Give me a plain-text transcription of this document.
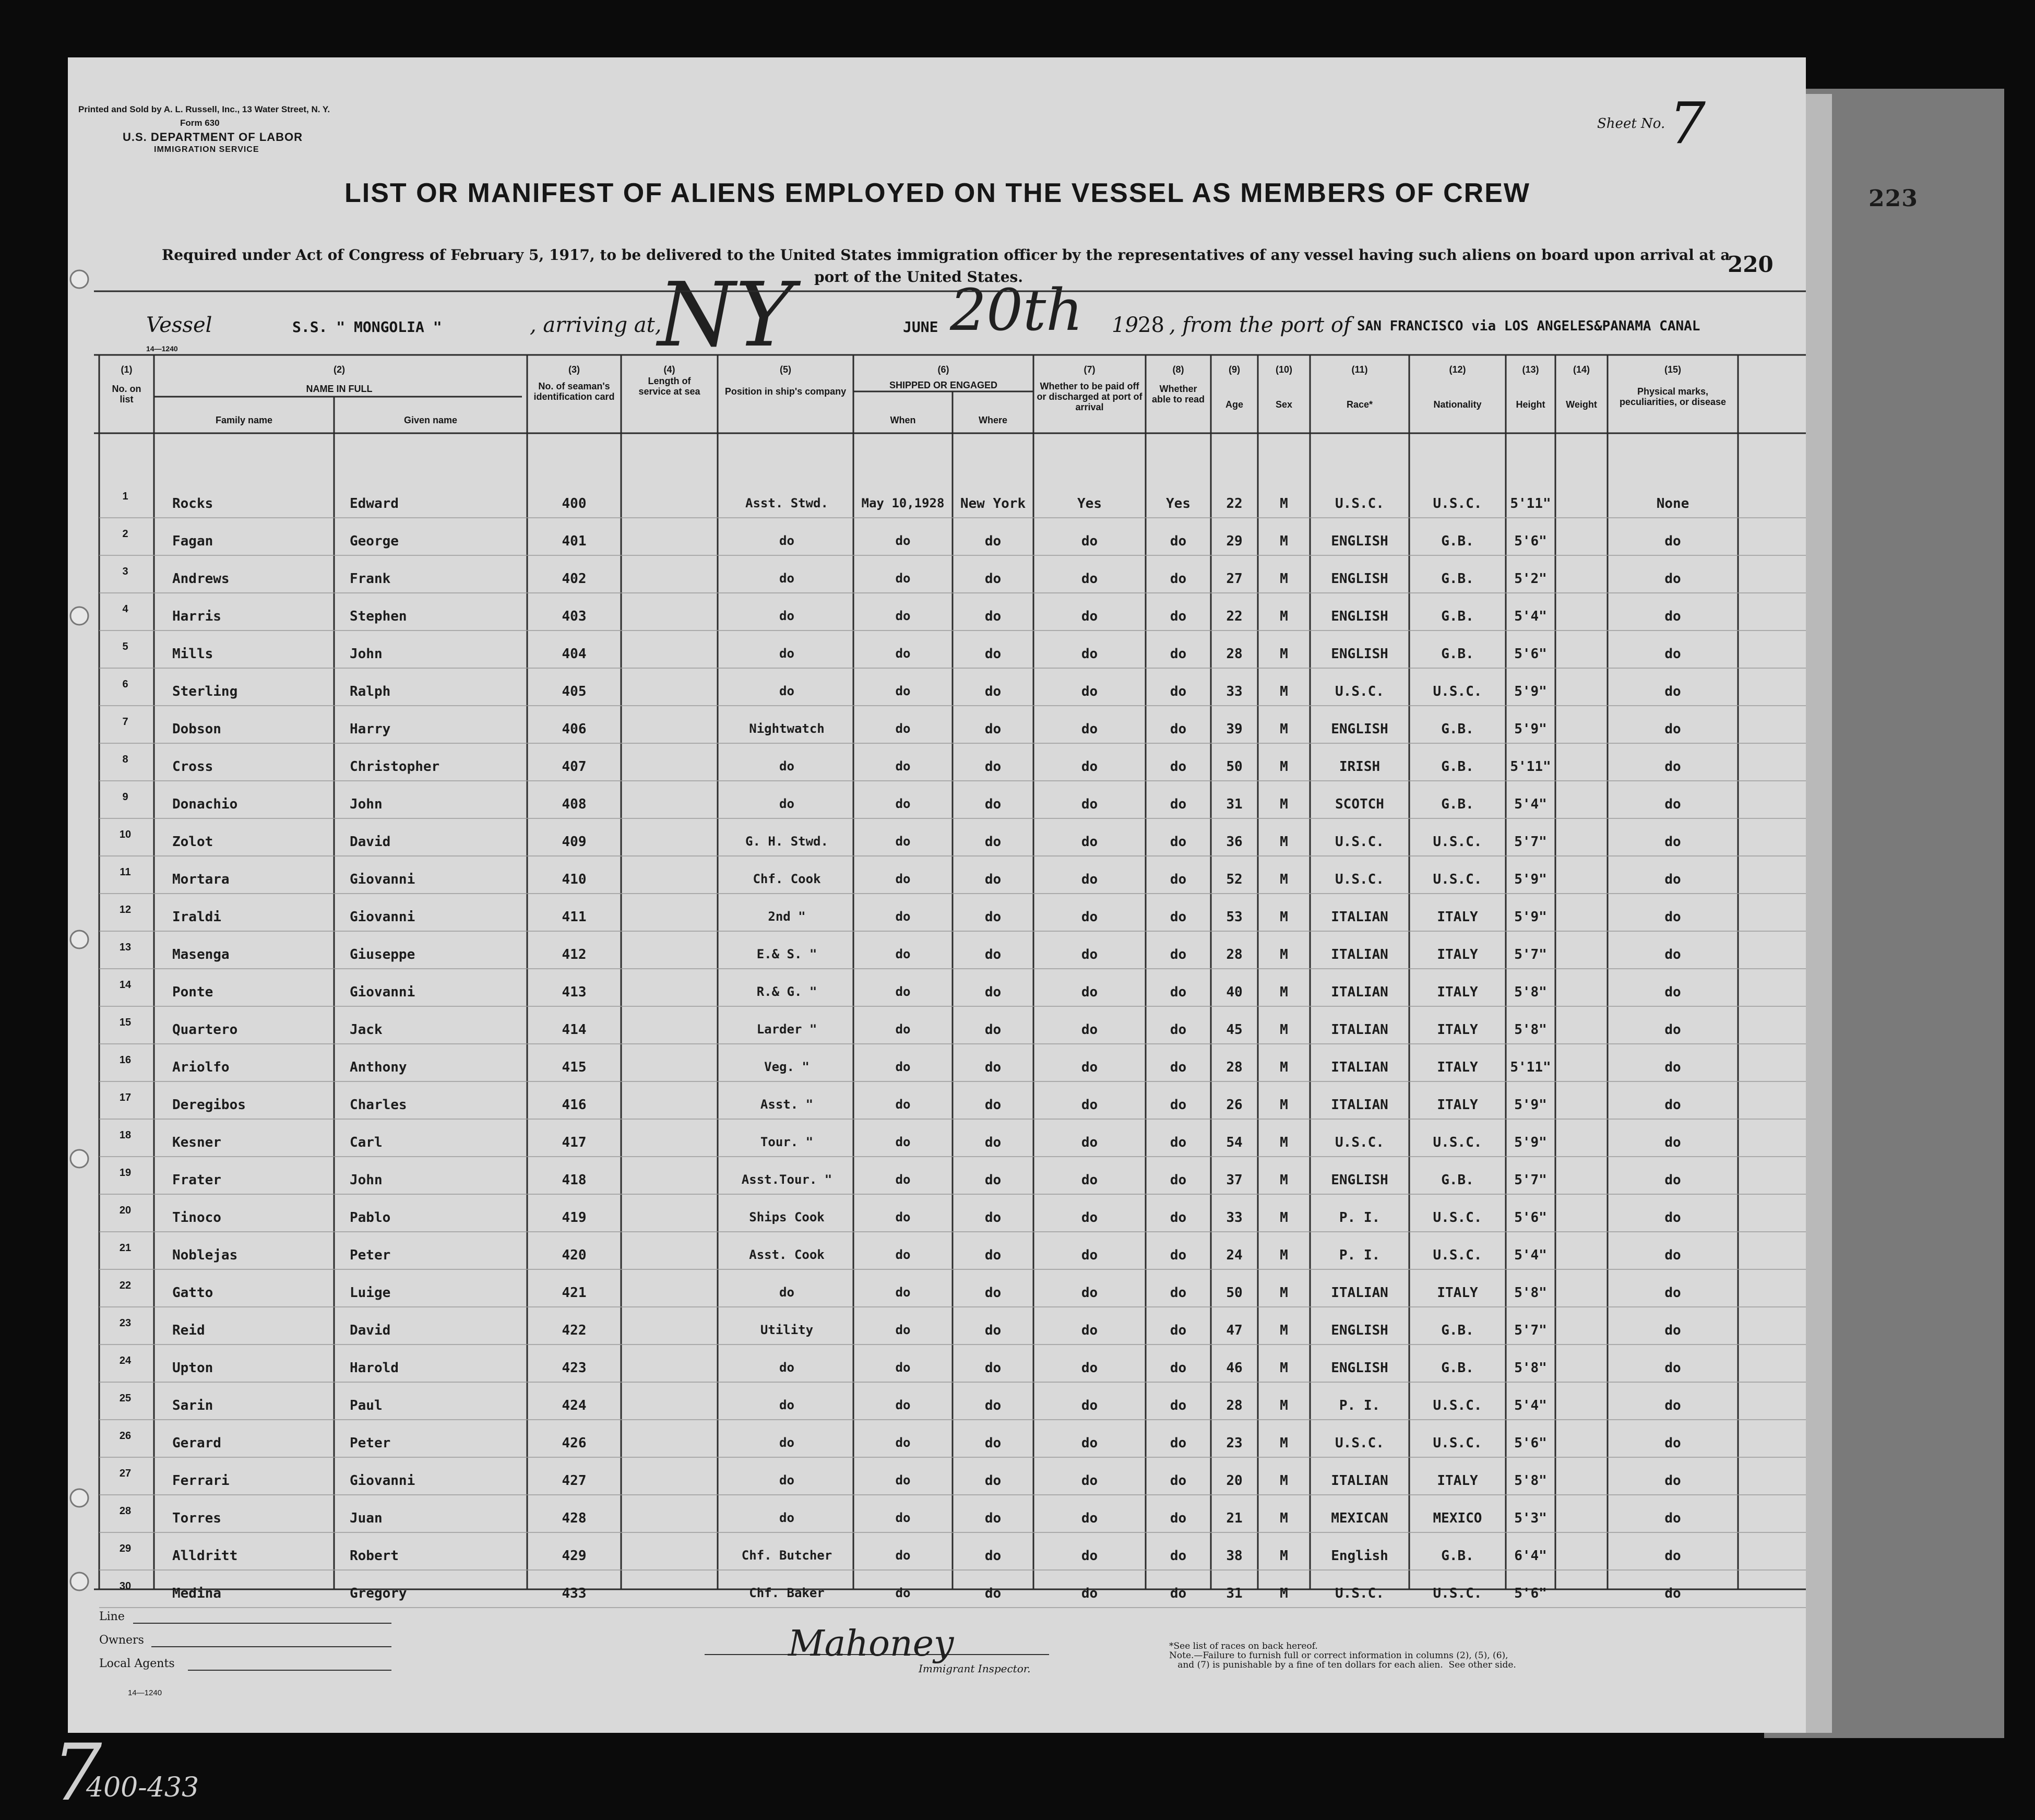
223
Printed and Sold by A. L. Russell, Inc., 13 Water Street, N. Y.
Form 630
U.S. DEPARTMENT OF LABOR
IMMIGRATION SERVICE
Sheet No. 7
LIST OR MANIFEST OF ALIENS EMPLOYED ON THE VESSEL AS MEMBERS OF CREW
Required under Act of Congress of February 5, 1917, to be delivered to the United States immigration officer by the representatives of any vessel having such aliens on board upon arrival at a
port of the United States.	220
Vessel	S.S. " MONGOLIA "	, arriving at,
NY	JUNE 20th 19 28 , from the port of SAN FRANCISCO via LOS ANGELES&PANAMA CANAL
14—1240
(1)	(2)	(3)	(4)	(5)	(6)	(7)	(8)	(9)	(10)	(11)	(12)	(13)	(14)	(15)
No. on list
NAME IN FULL
Family name	Given name
No. of seaman's identification card
Length of service at sea	Position in ship's company
SHIPPED OR ENGAGED
When	Where
Whether to be paid off or discharged at port of arrival
Whether able to read	Age	Sex	Race*	Nationality	Height	Weight
Physical marks, peculiarities, or disease
1	Rocks	Edward	400	Asst. Stwd.	May 10,1928	New York	Yes	Yes	22	M	U.S.C.	U.S.C.	5'11"	None
2	Fagan	George	401	do	do	do	do	do	29	M	ENGLISH	G.B.	5'6"	do
3	Andrews	Frank	402	do	do	do	do	do	27	M	ENGLISH	G.B.	5'2"	do
4	Harris	Stephen	403	do	do	do	do	do	22	M	ENGLISH	G.B.	5'4"	do
5	Mills	John	404	do	do	do	do	do	28	M	ENGLISH	G.B.	5'6"	do
6	Sterling	Ralph	405	do	do	do	do	do	33	M	U.S.C.	U.S.C.	5'9"	do
7	Dobson	Harry	406	Nightwatch	do	do	do	do	39	M	ENGLISH	G.B.	5'9"	do
8	Cross	Christopher	407	do	do	do	do	do	50	M	IRISH	G.B.	5'11"	do
9	Donachio	John	408	do	do	do	do	do	31	M	SCOTCH	G.B.	5'4"	do
10	Zolot	David	409	G. H. Stwd.	do	do	do	do	36	M	U.S.C.	U.S.C.	5'7"	do
11	Mortara	Giovanni	410	Chf. Cook	do	do	do	do	52	M	U.S.C.	U.S.C.	5'9"	do
12	Iraldi	Giovanni	411	2nd "	do	do	do	do	53	M	ITALIAN	ITALY	5'9"	do
13	Masenga	Giuseppe	412	E.& S. "	do	do	do	do	28	M	ITALIAN	ITALY	5'7"	do
14	Ponte	Giovanni	413	R.& G. "	do	do	do	do	40	M	ITALIAN	ITALY	5'8"	do
15	Quartero	Jack	414	Larder "	do	do	do	do	45	M	ITALIAN	ITALY	5'8"	do
16	Ariolfo	Anthony	415	Veg. "	do	do	do	do	28	M	ITALIAN	ITALY	5'11"	do
17	Deregibos	Charles	416	Asst. "	do	do	do	do	26	M	ITALIAN	ITALY	5'9"	do
18	Kesner	Carl	417	Tour. "	do	do	do	do	54	M	U.S.C.	U.S.C.	5'9"	do
19	Frater	John	418	Asst.Tour. "	do	do	do	do	37	M	ENGLISH	G.B.	5'7"	do
20	Tinoco	Pablo	419	Ships Cook	do	do	do	do	33	M	P. I.	U.S.C.	5'6"	do
21	Noblejas	Peter	420	Asst. Cook	do	do	do	do	24	M	P. I.	U.S.C.	5'4"	do
22	Gatto	Luige	421	do	do	do	do	do	50	M	ITALIAN	ITALY	5'8"	do
23	Reid	David	422	Utility	do	do	do	do	47	M	ENGLISH	G.B.	5'7"	do
24	Upton	Harold	423	do	do	do	do	do	46	M	ENGLISH	G.B.	5'8"	do
25	Sarin	Paul	424	do	do	do	do	do	28	M	P. I.	U.S.C.	5'4"	do
26	Gerard	Peter	426	do	do	do	do	do	23	M	U.S.C.	U.S.C.	5'6"	do
27	Ferrari	Giovanni	427	do	do	do	do	do	20	M	ITALIAN	ITALY	5'8"	do
28	Torres	Juan	428	do	do	do	do	do	21	M	MEXICAN	MEXICO	5'3"	do
29	Alldritt	Robert	429	Chf. Butcher	do	do	do	do	38	M	English	G.B.	6'4"	do
30	Medina	Gregory	433	Chf. Baker	do	do	do	do	31	M	U.S.C.	U.S.C.	5'6"	do
Line
Owners
Local Agents
14—1240
Mahoney
Immigrant Inspector.
*See list of races on back hereof.
Note.—Failure to furnish full or correct information in columns (2), (5), (6),
and (7) is punishable by a fine of ten dollars for each alien.  See other side.
7
400-433
